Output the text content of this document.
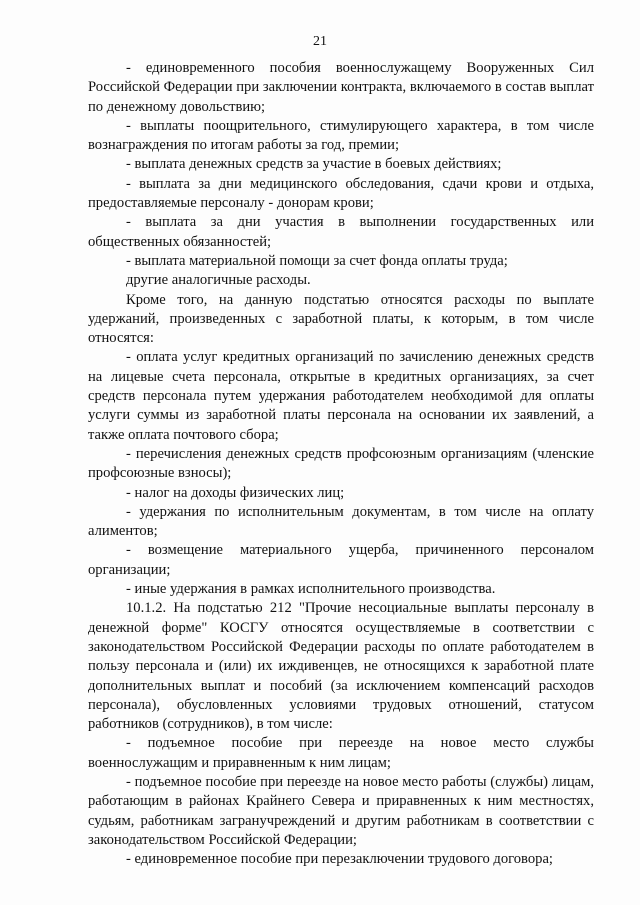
21

- единовременного пособия военнослужащему Вооруженных Сил Российской Федерации при заключении контракта, включаемого в состав выплат по денежному довольствию;

- выплаты поощрительного, стимулирующего характера, в том числе вознаграждения по итогам работы за год, премии;

- выплата денежных средств за участие в боевых действиях;

- выплата за дни медицинского обследования, сдачи крови и отдыха, предоставляемые персоналу - донорам крови;

- выплата за дни участия в выполнении государственных или общественных обязанностей;

- выплата материальной помощи за счет фонда оплаты труда;

другие аналогичные расходы.

Кроме того, на данную подстатью относятся расходы по выплате удержаний, произведенных с заработной платы, к которым, в том числе относятся:

- оплата услуг кредитных организаций по зачислению денежных средств на лицевые счета персонала, открытые в кредитных организациях, за счет средств персонала путем удержания работодателем необходимой для оплаты услуги суммы из заработной платы персонала на основании их заявлений, а также оплата почтового сбора;

- перечисления денежных средств профсоюзным организациям (членские профсоюзные взносы);

- налог на доходы физических лиц;

- удержания по исполнительным документам, в том числе на оплату алиментов;

- возмещение материального ущерба, причиненного персоналом организации;

- иные удержания в рамках исполнительного производства.

10.1.2. На подстатью 212 "Прочие несоциальные выплаты персоналу в денежной форме" КОСГУ относятся осуществляемые в соответствии с законодательством Российской Федерации расходы по оплате работодателем в пользу персонала и (или) их иждивенцев, не относящихся к заработной плате дополнительных выплат и пособий (за исключением компенсаций расходов персонала), обусловленных условиями трудовых отношений, статусом работников (сотрудников), в том числе:

- подъемное пособие при переезде на новое место службы военнослужащим и приравненным к ним лицам;

- подъемное пособие при переезде на новое место работы (службы) лицам, работающим в районах Крайнего Севера и приравненных к ним местностях, судьям, работникам загранучреждений и другим работникам в соответствии с законодательством Российской Федерации;

- единовременное пособие при перезаключении трудового договора;
